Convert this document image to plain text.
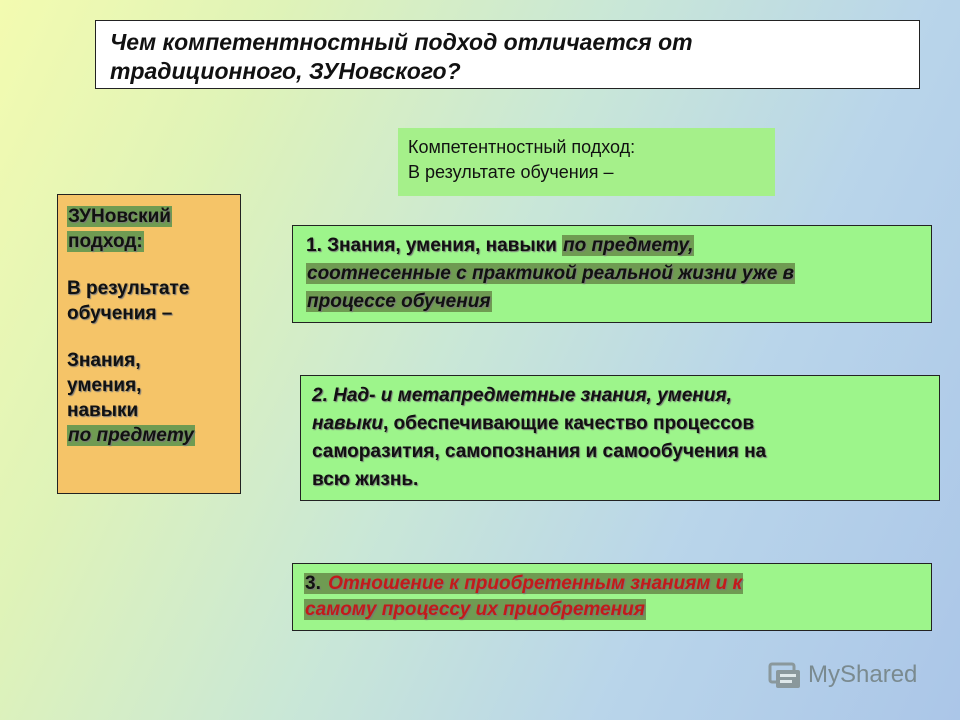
Чем компетентностный подход отличается от
традиционного, ЗУНовского?
Компетентностный подход:
В результате обучения –
ЗУНовский
подход:
В результате
обучения –
Знания,
умения,
навыки
по предмету
1. Знания, умения, навыки по предмету,
соотнесенные с практикой реальной жизни уже в
процессе обучения
2. Над- и метапредметные знания, умения,
навыки, обеспечивающие качество процессов
саморазития, самопознания и самообучения на
всю жизнь.
3. Отношение к приобретенным знаниям и к
самому процессу их приобретения
MyShared
